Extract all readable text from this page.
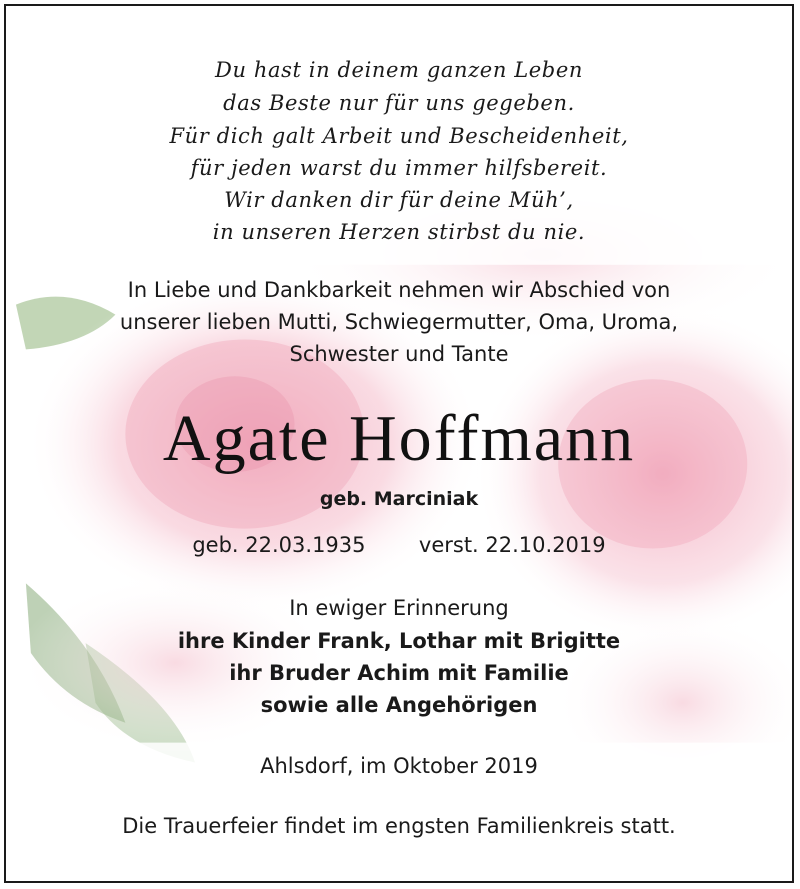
Du hast in deinem ganzen Leben
das Beste nur für uns gegeben.
Für dich galt Arbeit und Bescheidenheit,
für jeden warst du immer hilfsbereit.
Wir danken dir für deine Müh’,
in unseren Herzen stirbst du nie.
In Liebe und Dankbarkeit nehmen wir Abschied von
unserer lieben Mutti, Schwiegermutter, Oma, Uroma,
Schwester und Tante
Agate Hoffmann
geb. Marciniak
geb. 22.03.1935	verst. 22.10.2019
In ewiger Erinnerung
ihre Kinder Frank, Lothar mit Brigitte
ihr Bruder Achim mit Familie
sowie alle Angehörigen
Ahlsdorf, im Oktober 2019
Die Trauerfeier findet im engsten Familienkreis statt.
